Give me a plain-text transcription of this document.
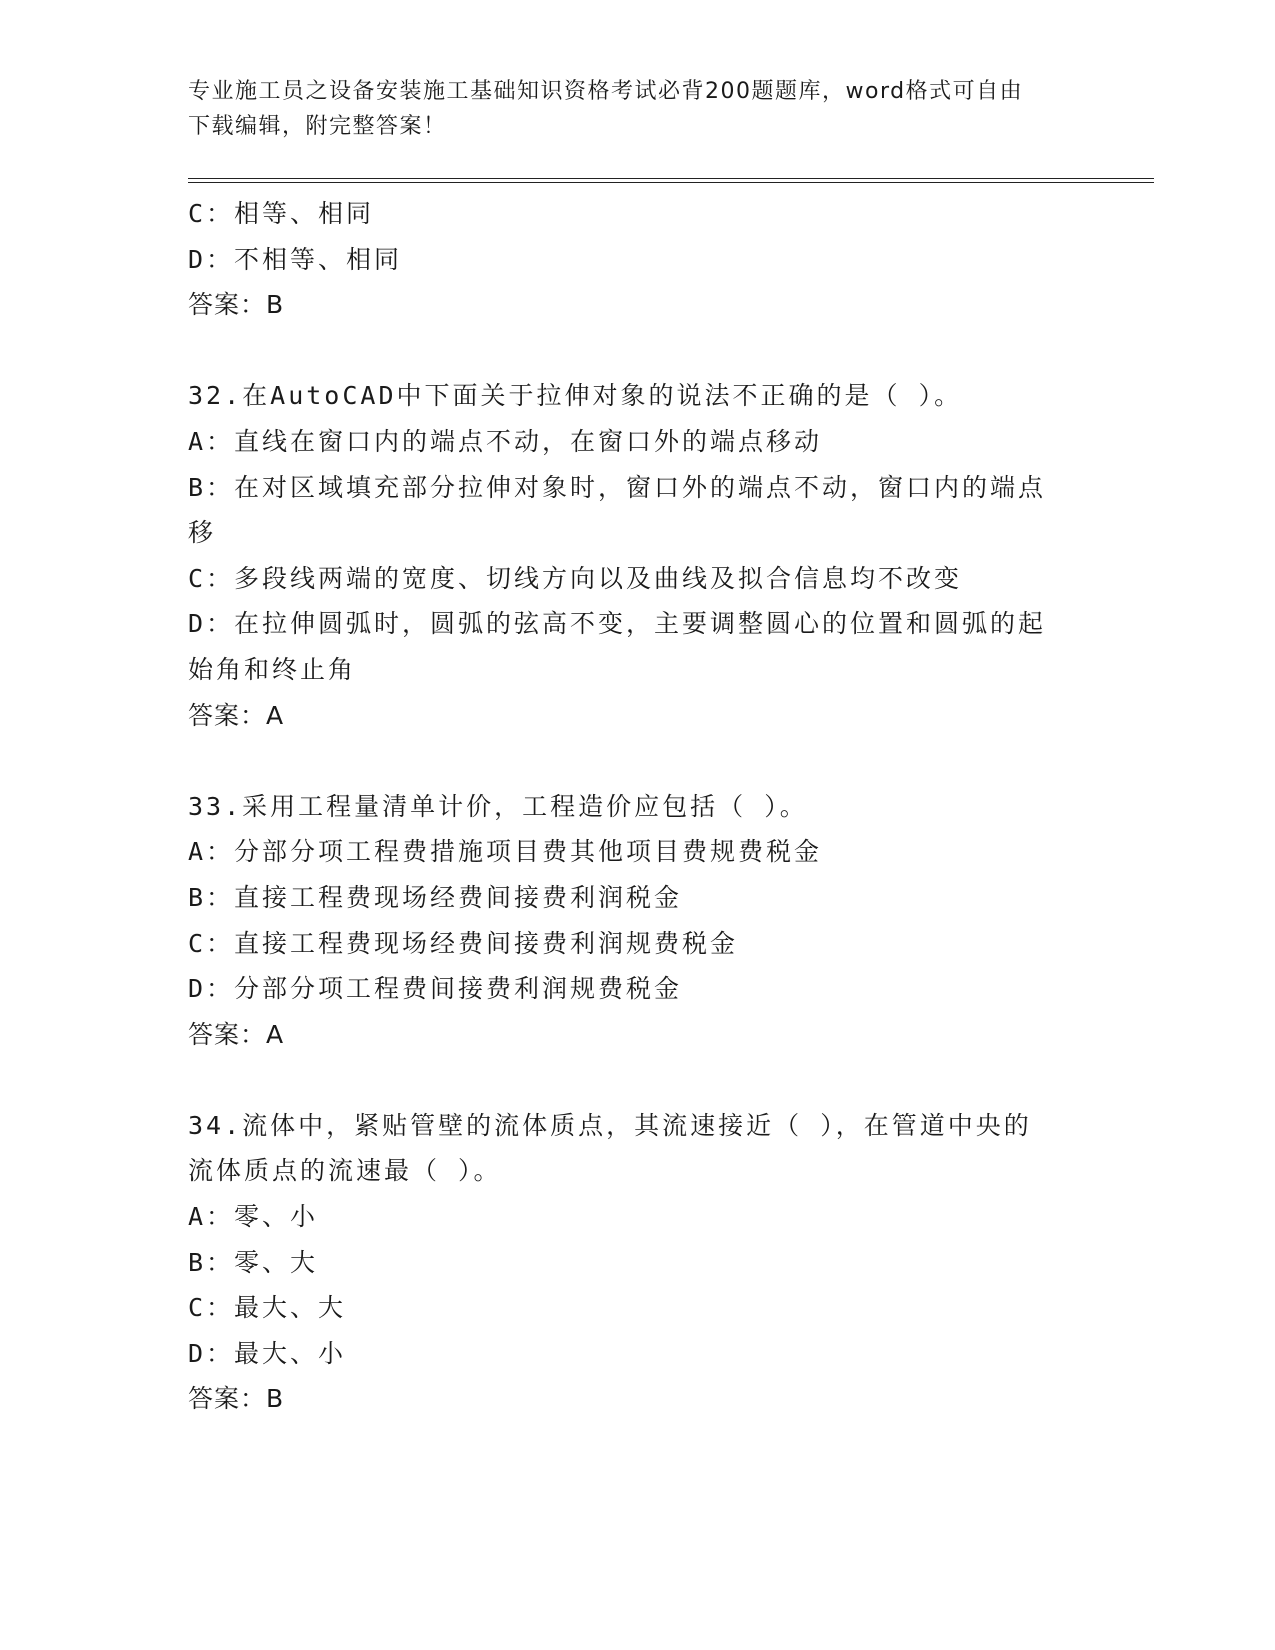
专业施工员之设备安装施工基础知识资格考试必背200题题库，word格式可自由
下载编辑，附完整答案！
C：相等、相同
D：不相等、相同
答案：B
32.在AutoCAD中下面关于拉伸对象的说法不正确的是（ ）。
A：直线在窗口内的端点不动，在窗口外的端点移动
B：在对区域填充部分拉伸对象时，窗口外的端点不动，窗口内的端点
移
C：多段线两端的宽度、切线方向以及曲线及拟合信息均不改变
D：在拉伸圆弧时，圆弧的弦高不变，主要调整圆心的位置和圆弧的起
始角和终止角
答案：A
33.采用工程量清单计价，工程造价应包括（ ）。
A：分部分项工程费措施项目费其他项目费规费税金
B：直接工程费现场经费间接费利润税金
C：直接工程费现场经费间接费利润规费税金
D：分部分项工程费间接费利润规费税金
答案：A
34.流体中，紧贴管壁的流体质点，其流速接近（ ），在管道中央的
流体质点的流速最（ ）。
A：零、小
B：零、大
C：最大、大
D：最大、小
答案：B
